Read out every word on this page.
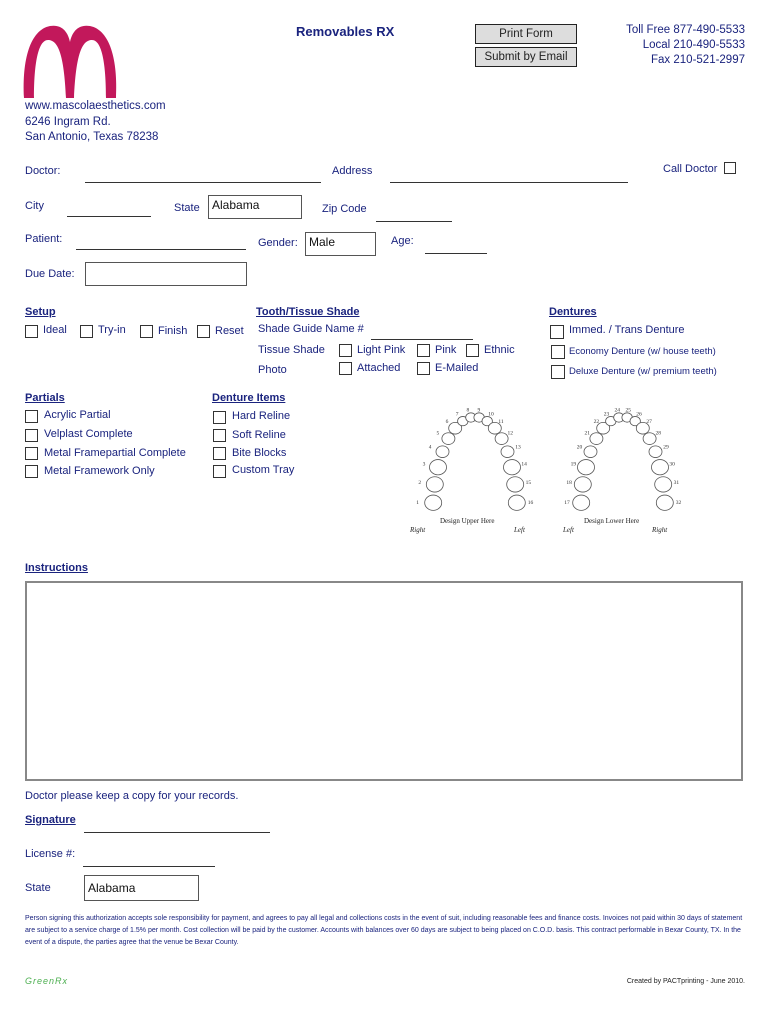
Removables RX	Print Form
Submit by Email
Toll Free 877-490-5533
Local 210-490-5533
Fax 210-521-2997
www.mascolaesthetics.com
6246 Ingram Rd.
San Antonio, Texas 78238
Doctor:	Address	Call Doctor
City	State	Alabama	Zip Code
Patient:	Gender: Male	Age:
Due Date:
Setup
Ideal	Try-in	Finish	Reset
Tooth/Tissue Shade
Shade Guide Name #
Tissue Shade	Light Pink	Pink	Ethnic
Photo	Attached	E-Mailed
Dentures
Immed. / Trans Denture
Economy Denture (w/ house teeth)
Deluxe Denture (w/ premium teeth)
Partials
Acrylic Partial
Velplast Complete
Metal Framepartial Complete
Metal Framework Only
Denture Items
Hard Reline
Soft Reline
Bite Blocks
Custom Tray
1
2
3
4
5
6
7
8 9
10
11
12
13
14
15
16
Design Upper Here
Right	Left
17
18
19
20
21
22
23
24 25
26
27
28
29
30
31
32
Design Lower Here
Left	Right
Instructions
Doctor please keep a copy for your records.
Signature
License #:
State	Alabama
Person signing this authorization accepts sole responsibility for payment, and agrees to pay all legal and collections costs in the event of suit, including reasonable fees and finance costs. Invoices not paid within 30 days of statement are subject to a service charge of 1.5% per month. Cost collection will be paid by the customer. Accounts with balances over 60 days are subject to being placed on C.O.D. basis. This contract performable in Bexar County, TX. In the event of a dispute, the parties agree that the venue be Bexar County.
GreenRx	Created by PACTprinting - June 2010.
